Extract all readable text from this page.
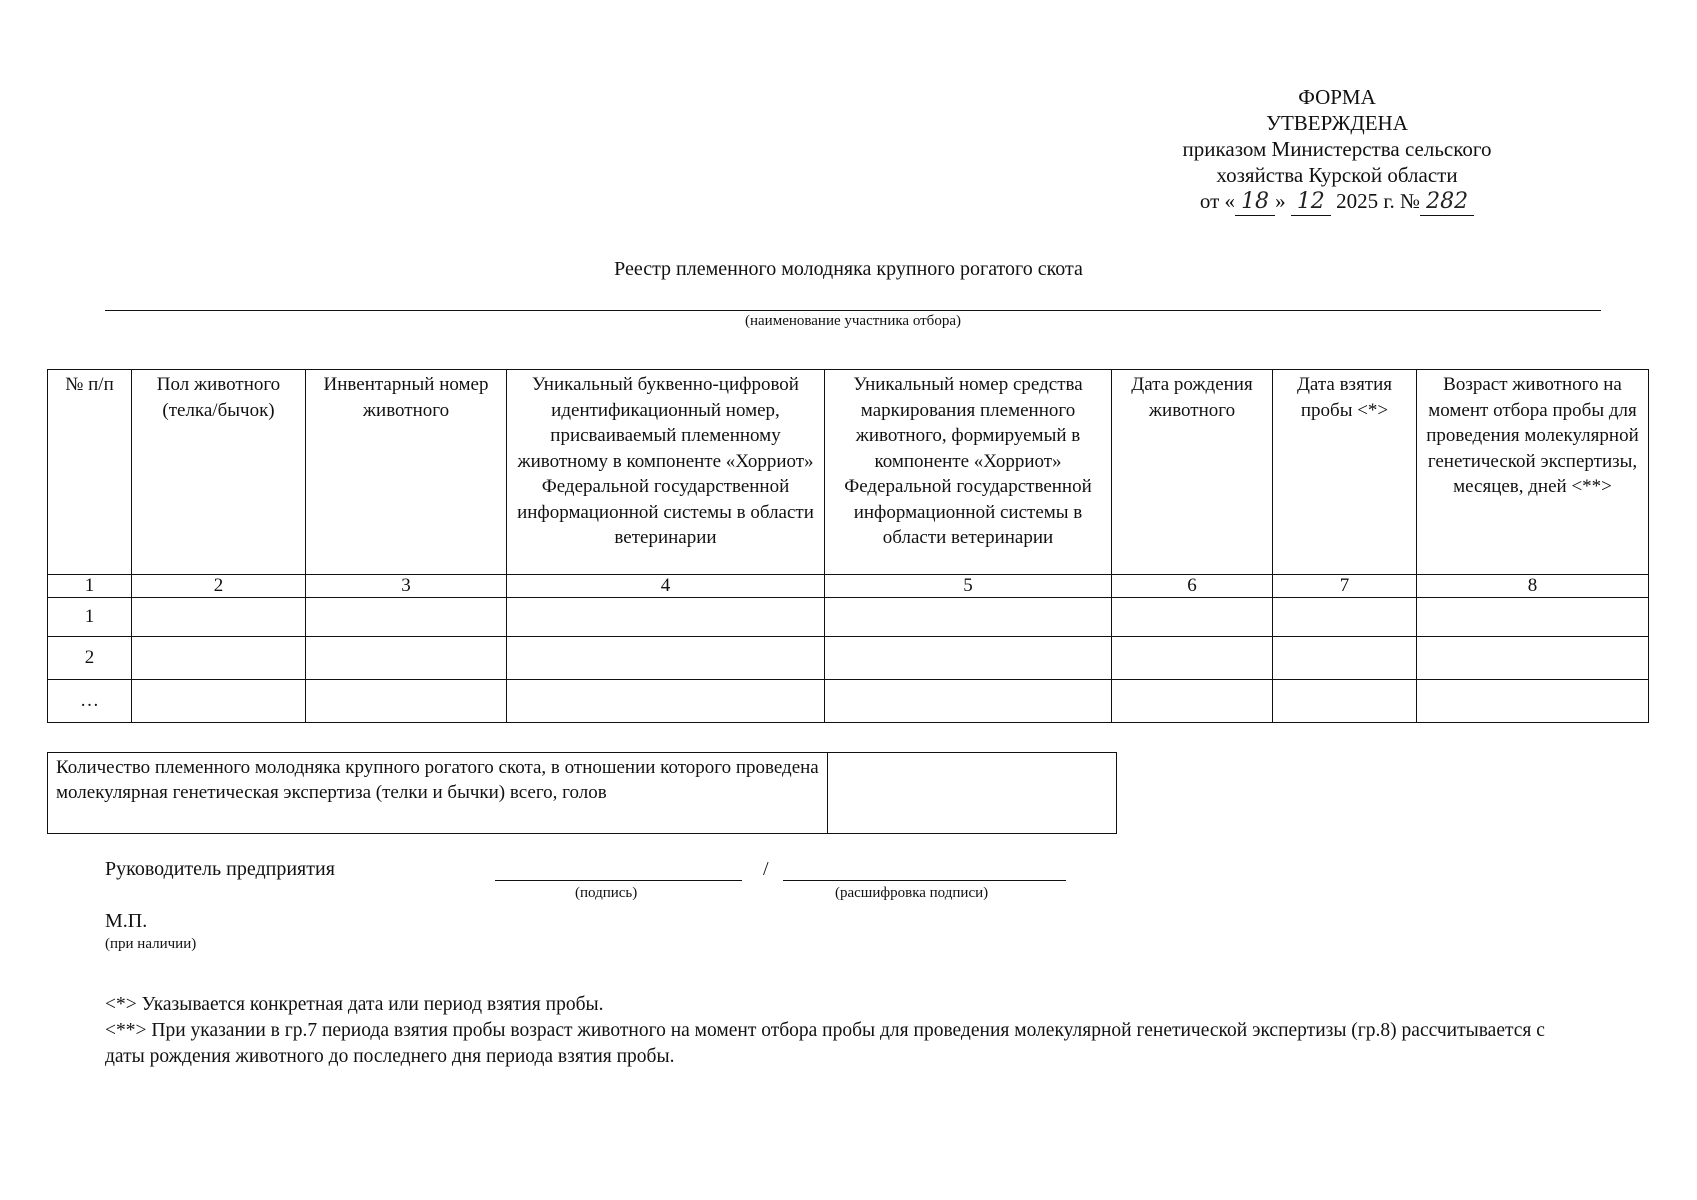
ФОРМА
УТВЕРЖДЕНА
приказом Министерства сельского
хозяйства Курской области
от « 18 » 12 2025 г. № 282
Реестр племенного молодняка крупного рогатого скота
(наименование участника отбора)
№ п/п	Пол животного (телка/бычок)	Инвентарный номер животного	Уникальный буквенно-цифровой идентификационный номер, присваиваемый племенному животному в компоненте «Хорриот» Федеральной государственной информационной системы в области ветеринарии	Уникальный номер средства маркирования племенного животного, формируемый в компоненте «Хорриот» Федеральной государственной информационной системы в области ветеринарии	Дата рождения животного	Дата взятия пробы <*>	Возраст животного на момент отбора пробы для проведения молекулярной генетической экспертизы, месяцев, дней <**>
1	2	3	4	5	6	7	8
1							
2							
…							
Количество племенного молодняка крупного рогатого скота, в отношении которого проведена молекулярная генетическая экспертиза (телки и бычки) всего, голов	
Руководитель предприятия	/
(подпись)	(расшифровка подписи)
М.П.
(при наличии)

<*> Указывается конкретная дата или период взятия пробы.

<**> При указании в гр.7 периода взятия пробы возраст животного на момент отбора пробы для проведения молекулярной генетической экспертизы (гр.8) рассчитывается с даты рождения животного до последнего дня периода взятия пробы.
